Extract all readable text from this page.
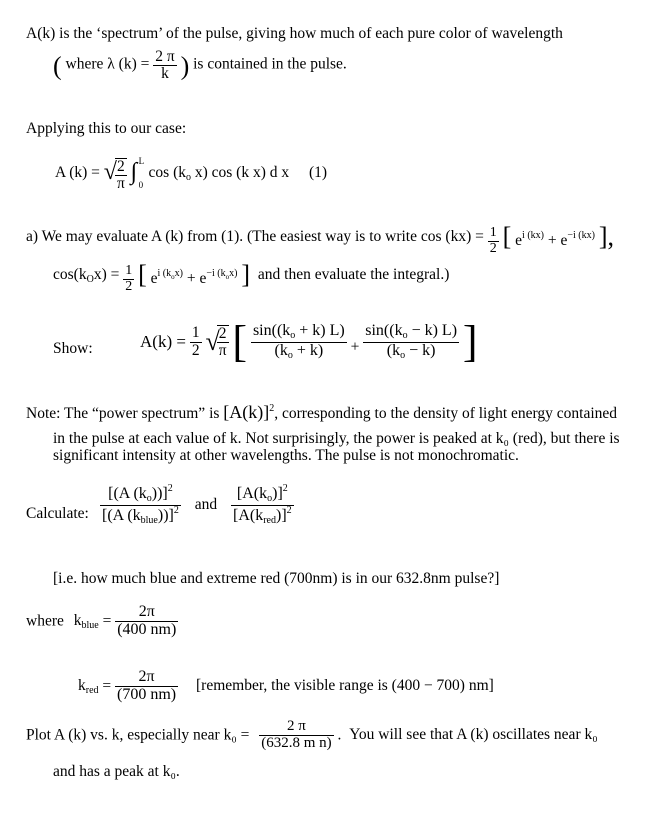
A(k) is the ‘spectrum’ of the pulse, giving how much of each pure color of wavelength
( where λ $(k) = \frac{2 \pi}{k}$ ) is contained in the pulse.
Applying this to our case:
A (k) = √
$\frac{2}{\pi}$ ∫ L
0
$\cos (k_o$ x) cos (k x) d x (1)
a) We may evaluate A (k) from (1). (The easiest way is to write $\cos (kx) = \frac{1}{2}$ [ $e^{i (kx)} + e^{-i (kx)}$ ],
$\cos(k_Ox) = \frac{1}{2}$ [ $e^{i (k_ox)} + e^{-i (k_ox)}$ ] and then evaluate the integral.)
Show:	$A(k) = \frac{1}{2}$ √
$\frac{2}{\pi}$ [ $\frac{\sin((k_o + k) L)}{(k_o + k)} + \frac{\sin((k_o - k) L)}{(k_o - k)}$ ]
Note: The “power spectrum” is $[A(k)]^2$, corresponding to the density of light energy contained
in the pulse at each value of k. Not surprisingly, the power is peaked at k₀ (red), but there is
significant intensity at other wavelengths. The pulse is not monochromatic.
Calculate: $\frac{[(A (k_o))]^2}{[(A (k_{blue}))]^2}$ and $\frac{[A(k_o)]^2}{[A(k_{red})]^2}$
[i.e. how much blue and extreme red (700nm) is in our 632.8nm pulse?]
where $k_{blue} = \frac{2\pi}{(400 nm)}$
$k_{red} = \frac{2\pi}{(700 nm)}$ [remember, the visible range is (400 − 700) nm]
Plot A (k) vs. k, especially near $k_0 = \frac{2 \pi}{\text{(632.8 m n)}}$ . You will see that A (k) oscillates near k₀
and has a peak at k₀.
